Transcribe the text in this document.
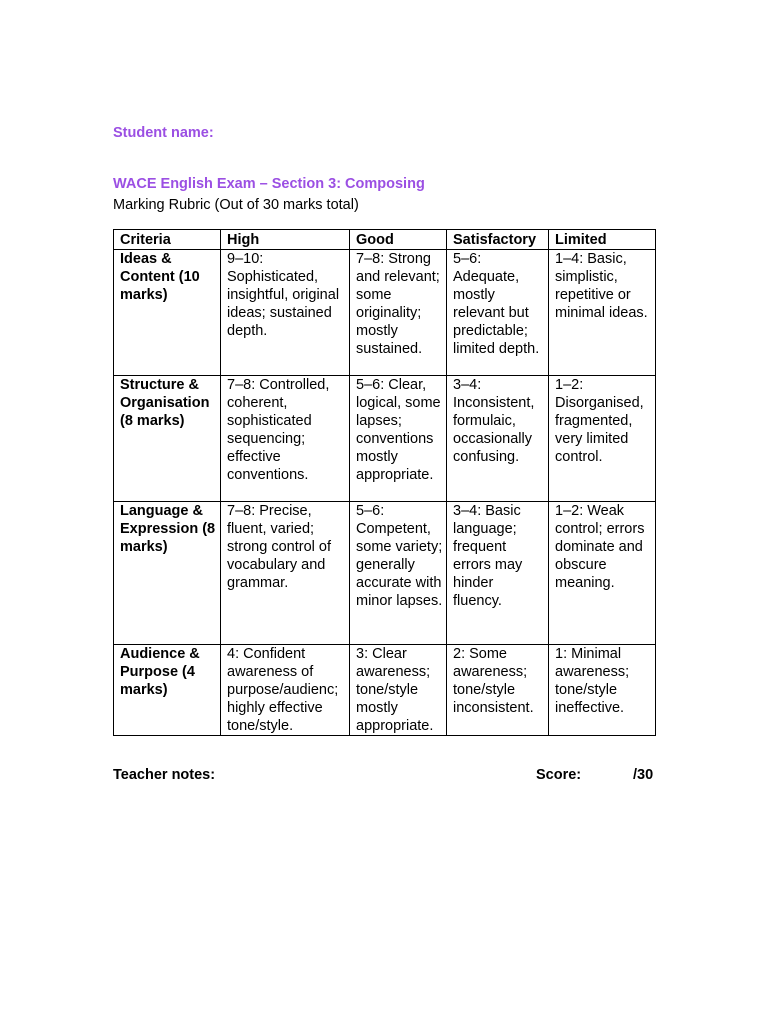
Student name:
WACE English Exam – Section 3: Composing
Marking Rubric (Out of 30 marks total)
Criteria	High	Good	Satisfactory	Limited
Ideas & Content (10 marks)	9–10: Sophisticated, insightful, original ideas; sustained depth.	7–8: Strong and relevant; some originality; mostly sustained.	5–6: Adequate, mostly relevant but predictable; limited depth.	1–4: Basic, simplistic, repetitive or minimal ideas.
Structure & Organisation (8 marks)	7–8: Controlled, coherent, sophisticated sequencing; effective conventions.	5–6: Clear, logical, some lapses; conventions mostly appropriate.	3–4: Inconsistent, formulaic, occasionally confusing.	1–2: Disorganised, fragmented, very limited control.
Language & Expression (8 marks)	7–8: Precise, fluent, varied; strong control of vocabulary and grammar.	5–6: Competent, some variety; generally accurate with minor lapses.	3–4: Basic language; frequent errors may hinder fluency.	1–2: Weak control; errors dominate and obscure meaning.
Audience & Purpose (4 marks)	4: Confident awareness of purpose/audienc; highly effective tone/style.	3: Clear awareness; tone/style mostly appropriate.	2: Some awareness; tone/style inconsistent.	1: Minimal awareness; tone/style ineffective.
Teacher notes:	Score:	/30
